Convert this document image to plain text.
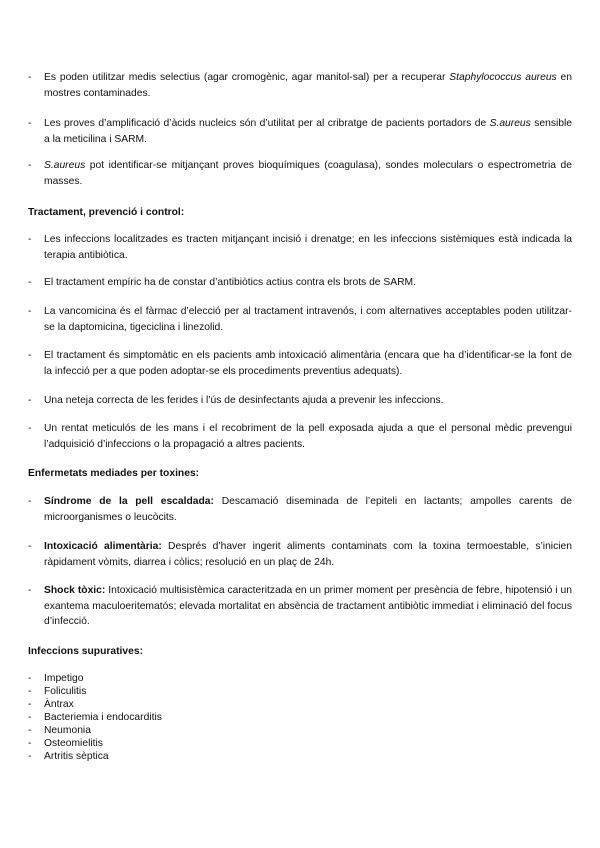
-	Es poden utilitzar medis selectius (agar cromogènic, agar manitol-sal) per a recuperar Staphylococcus aureus en mostres contaminades.
-	Les proves d’amplificació d’àcids nucleics són d’utilitat per al cribratge de pacients portadors de S.aureus sensible a la meticilina i SARM.
-	S.aureus pot identificar-se mitjançant proves bioquímiques (coagulasa), sondes moleculars o espectrometria de masses.
Tractament, prevenció i control:
-	Les infeccions localitzades es tracten mitjançant incisió i drenatge; en les infeccions sistèmiques està indicada la terapia antibiòtica.
-	El tractament empíric ha de constar d’antibiòtics actius contra els brots de SARM.
-	La vancomicina és el fàrmac d’elecció per al tractament intravenós, i com alternatives acceptables poden utilitzar-se la daptomicina, tigeciclina i linezolid.
-	El tractament és simptomàtic en els pacients amb intoxicació alimentària (encara que ha d’identificar-se la font de la infecció per a que poden adoptar-se els procediments preventius adequats).
-	Una neteja correcta de les ferides i l’ús de desinfectants ajuda a prevenir les infeccions.
-	Un rentat meticulós de les mans i el recobriment de la pell exposada ajuda a que el personal mèdic prevengui l’adquisició d’infeccions o la propagació a altres pacients.
Enfermetats mediades per toxines:
-	Síndrome de la pell escaldada: Descamació diseminada de l’epiteli en lactants; ampolles carents de microorganismes o leucòcits.
-	Intoxicació alimentària: Després d’haver ingerit aliments contaminats com la toxina termoestable, s’inicien ràpidament vòmits, diarrea i còlics; resolució en un plaç de 24h.
-	Shock tòxic: Intoxicació multisistèmica caracteritzada en un primer moment per presència de febre, hipotensió i un exantema maculoeritematós; elevada mortalitat en absència de tractament antibiòtic immediat i eliminació del focus d’infecció.
Infeccions supuratives:
- Impetigo
- Foliculitis
- Àntrax
- Bacteriemia i endocarditis
- Neumonia
- Osteomielitis
- Artritis sèptica
